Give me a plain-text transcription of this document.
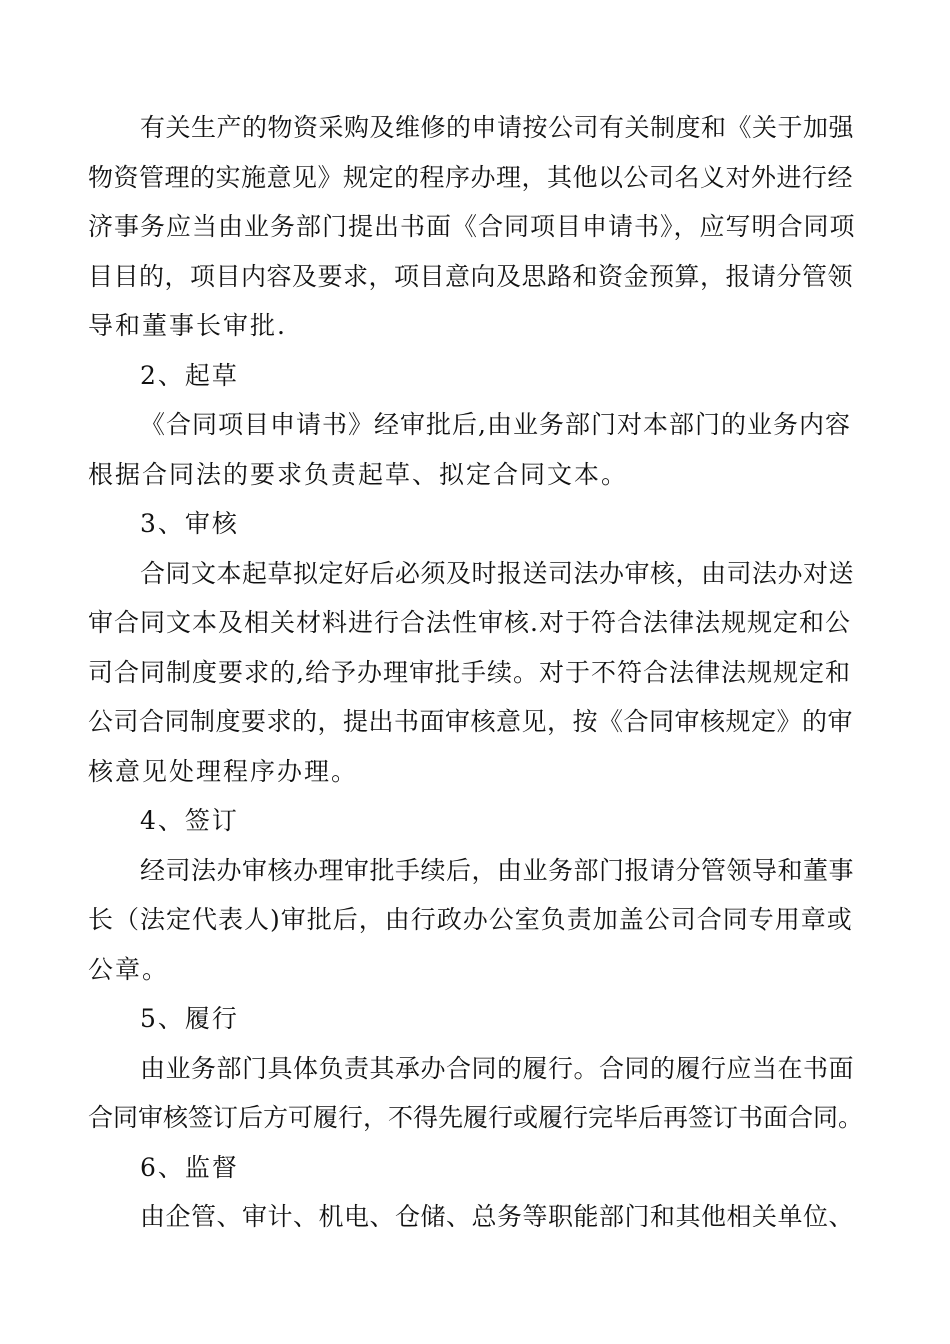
有关生产的物资采购及维修的申请按公司有关制度和《关于加强
物资管理的实施意见》规定的程序办理，其他以公司名义对外进行经
济事务应当由业务部门提出书面《合同项目申请书》，应写明合同项
目目的，项目内容及要求，项目意向及思路和资金预算，报请分管领
导和董事长审批.
2、起草
《合同项目申请书》经审批后,由业务部门对本部门的业务内容
根据合同法的要求负责起草、拟定合同文本。
3、审核
合同文本起草拟定好后必须及时报送司法办审核，由司法办对送
审合同文本及相关材料进行合法性审核.对于符合法律法规规定和公
司合同制度要求的,给予办理审批手续。对于不符合法律法规规定和
公司合同制度要求的，提出书面审核意见，按《合同审核规定》的审
核意见处理程序办理。
4、签订
经司法办审核办理审批手续后，由业务部门报请分管领导和董事
长（法定代表人)审批后，由行政办公室负责加盖公司合同专用章或
公章。
5、履行
由业务部门具体负责其承办合同的履行。合同的履行应当在书面
合同审核签订后方可履行，不得先履行或履行完毕后再签订书面合同。
6、监督
由企管、审计、机电、仓储、总务等职能部门和其他相关单位、
